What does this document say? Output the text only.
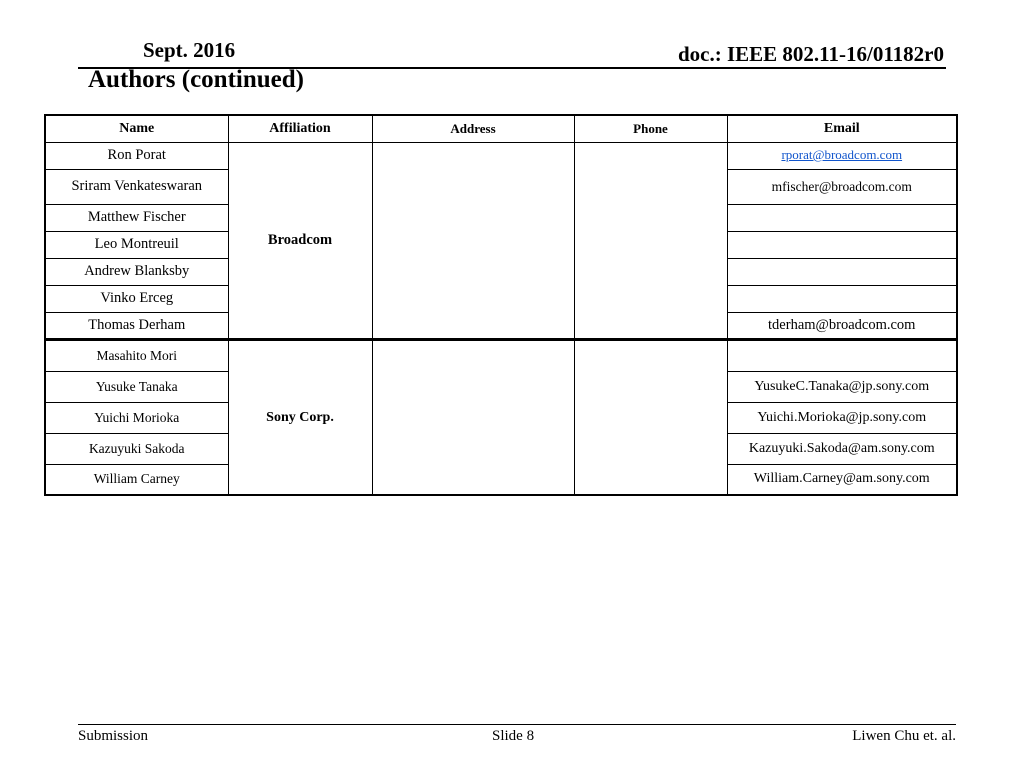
Sept. 2016	doc.: IEEE 802.11-16/01182r0
Authors (continued)
Name	Affiliation	Address	Phone	Email
Ron Porat	Broadcom			rporat@broadcom.com
Sriram Venkateswaran				mfischer@broadcom.com
Matthew Fischer				
Leo Montreuil				
Andrew Blanksby				
Vinko Erceg				
Thomas Derham				tderham@broadcom.com
Masahito Mori	Sony Corp.			
Yusuke Tanaka				YusukeC.Tanaka@jp.sony.com
Yuichi Morioka				Yuichi.Morioka@jp.sony.com
Kazuyuki Sakoda				Kazuyuki.Sakoda@am.sony.com
William Carney				William.Carney@am.sony.com
Submission	Slide 8	Liwen Chu et. al.
